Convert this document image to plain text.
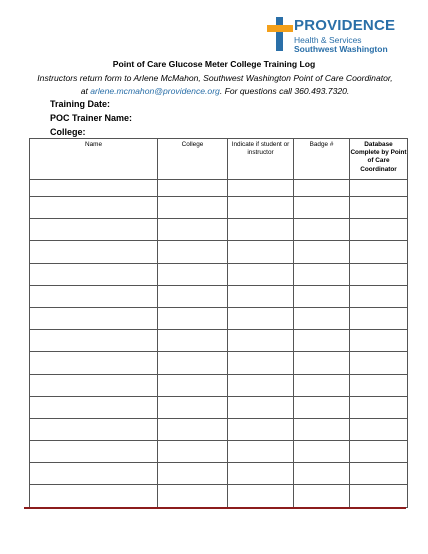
PROVIDENCE
Health & Services
Southwest Washington
Point of Care Glucose Meter College Training Log
Instructors return form to Arlene McMahon, Southwest Washington Point of Care Coordinator,
at arlene.mcmahon@providence.org. For questions call 360.493.7320.
Training Date:
POC Trainer Name:
College:
Name	College	Indicate if student or instructor	Badge #	Database Complete by Point of Care Coordinator
